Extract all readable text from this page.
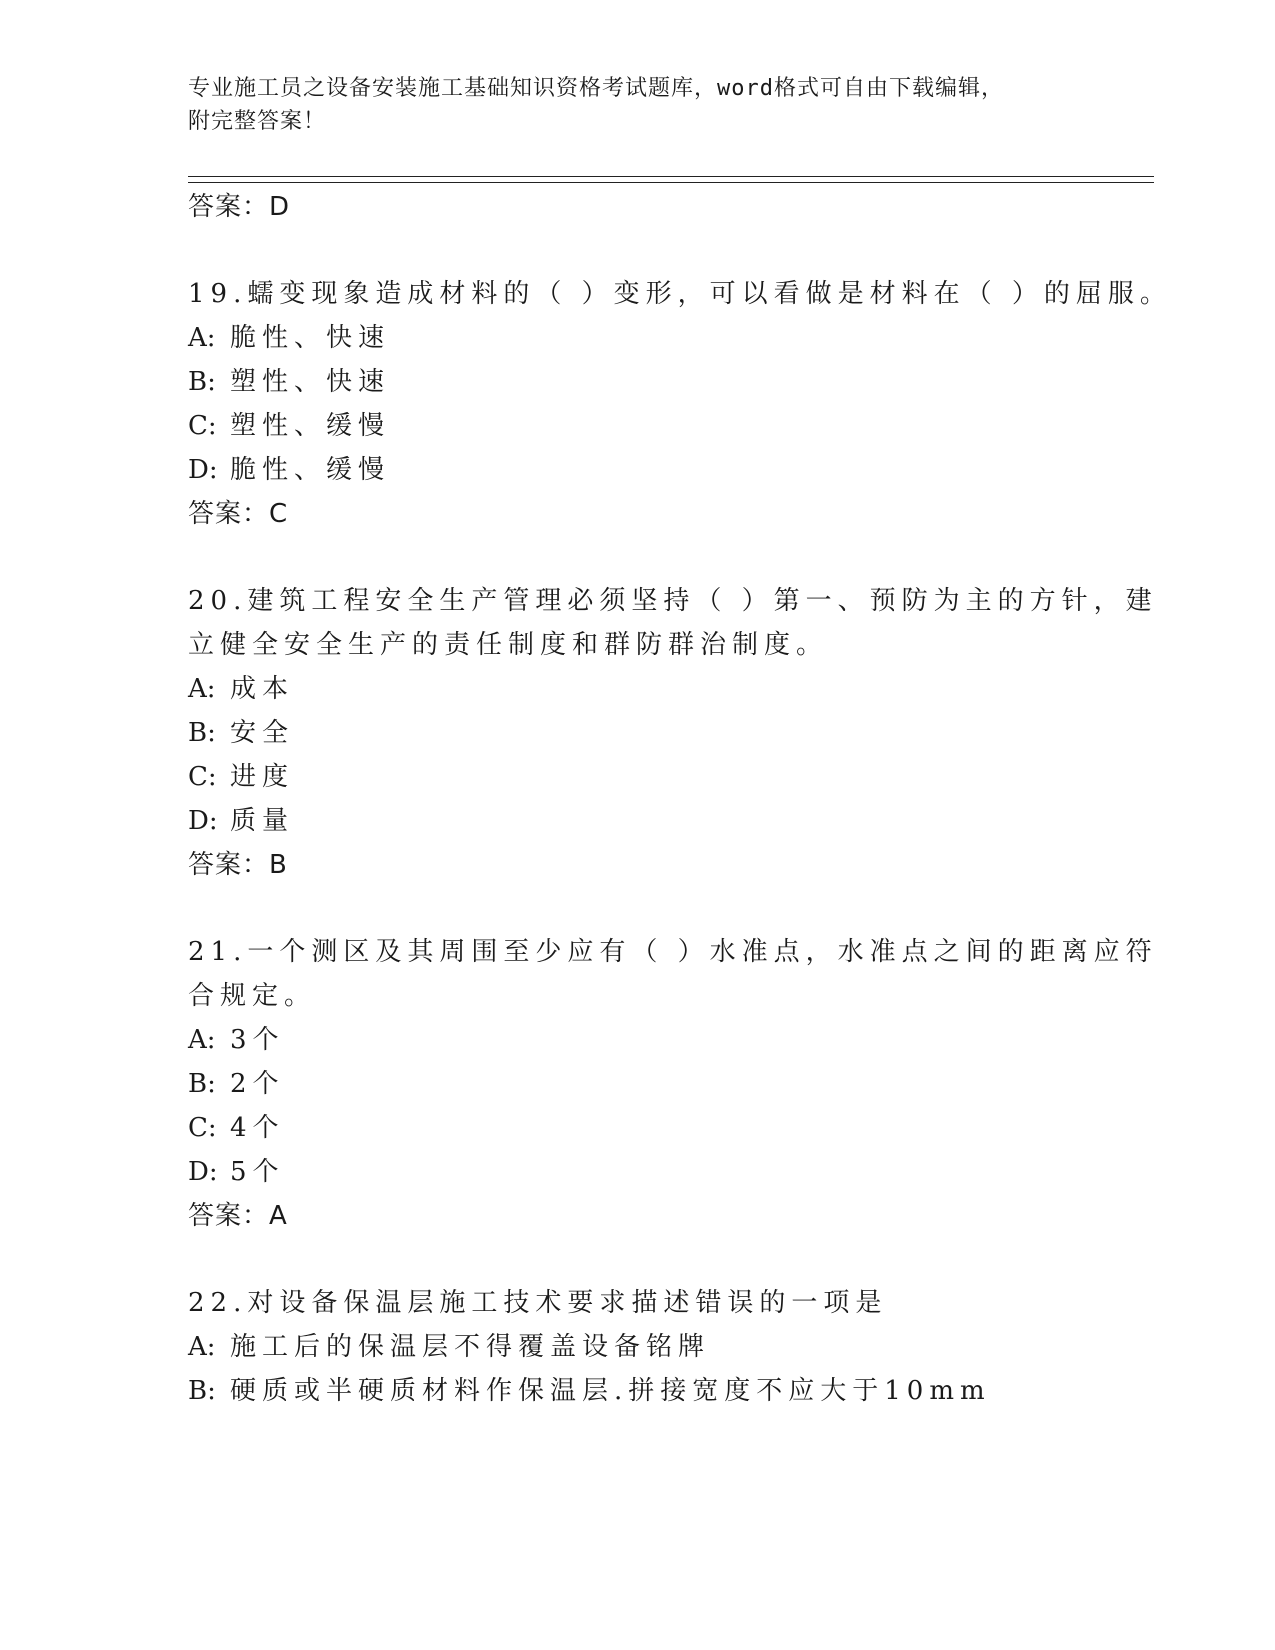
专业施工员之设备安装施工基础知识资格考试题库，word格式可自由下载编辑，
附完整答案！
答案：D
19.蠕变现象造成材料的（ ）变形，可以看做是材料在（ ）的屈服。
A: 脆性、快速
B: 塑性、快速
C: 塑性、缓慢
D: 脆性、缓慢
答案：C
20.建筑工程安全生产管理必须坚持（ ）第一、预防为主的方针，建
立健全安全生产的责任制度和群防群治制度。
A: 成本
B: 安全
C: 进度
D: 质量
答案：B
21.一个测区及其周围至少应有（ ）水准点，水准点之间的距离应符
合规定。
A: 3个
B: 2个
C: 4个
D: 5个
答案：A
22.对设备保温层施工技术要求描述错误的一项是
A: 施工后的保温层不得覆盖设备铭牌
B: 硬质或半硬质材料作保温层.拼接宽度不应大于10mm
